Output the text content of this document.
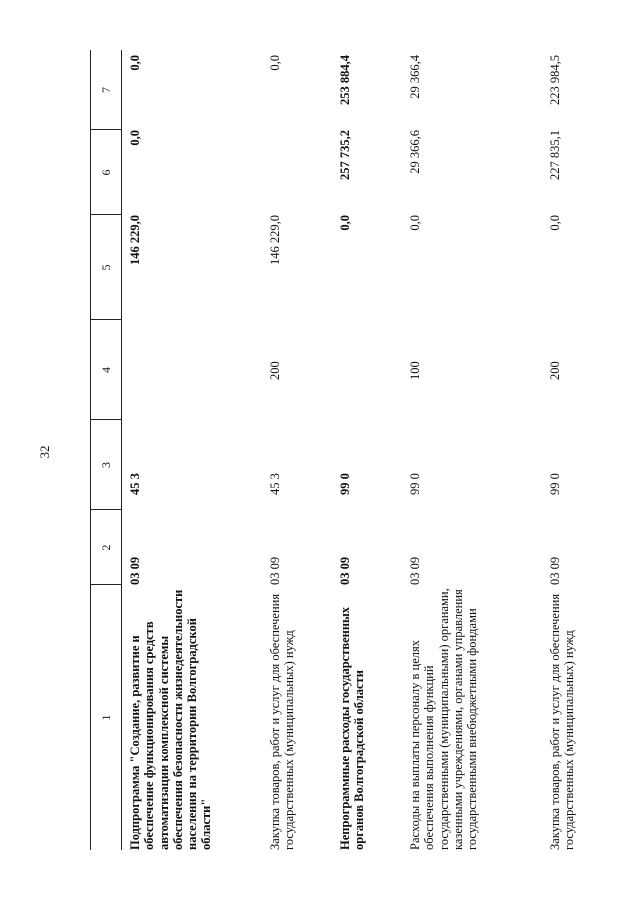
32
1
2
3
4
5
6
7
Подпрограмма "Создание, развитие и обеспечение функционирования средств автоматизации комплексной системы обеспечения безопасности жизнедеятельности населения на территории Волгоградской области"
03 09
45 3
146 229,0
0,0
0,0
Закупка товаров, работ и услуг для обеспечения государственных (муниципальных) нужд
03 09
45 3
200
146 229,0
0,0
Непрограммные расходы государственных органов Волгоградской области
03 09
99 0
0,0
257 735,2
253 884,4
Расходы на выплаты персоналу в целях обеспечения выполнения функций государственными (муниципальными) органами, казенными учреждениями, органами управления государственными внебюджетными фондами
03 09
99 0
100
0,0
29 366,6
29 366,4
Закупка товаров, работ и услуг для обеспечения государственных (муниципальных) нужд
03 09
99 0
200
0,0
227 835,1
223 984,5
